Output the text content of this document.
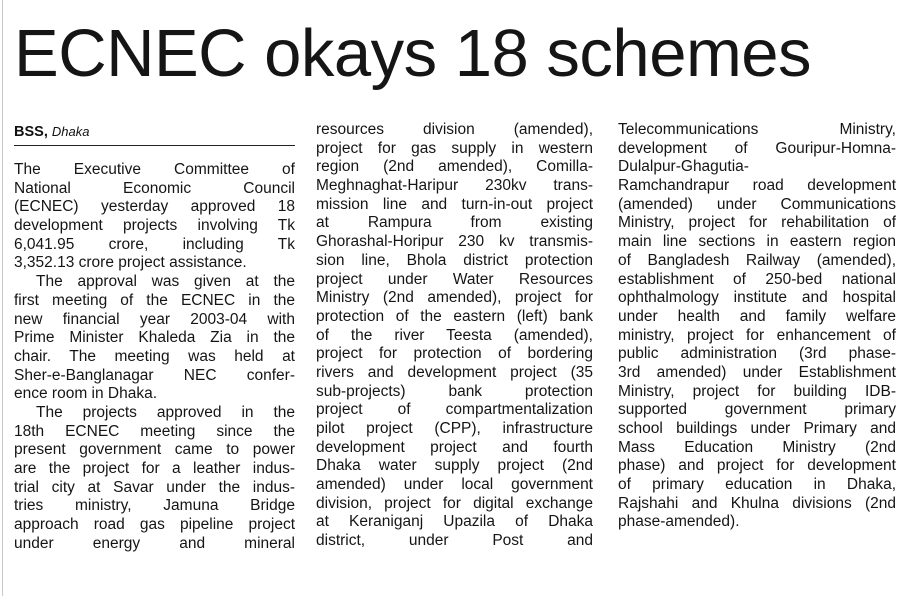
ECNEC okays 18 schemes
BSS, Dhaka
The Executive Committee of
National Economic Council
(ECNEC) yesterday approved 18
development projects involving Tk
6,041.95 crore, including Tk
3,352.13 crore project assistance.
The approval was given at the
first meeting of the ECNEC in the
new financial year 2003-04 with
Prime Minister Khaleda Zia in the
chair. The meeting was held at
Sher-e-Banglanagar NEC confer-
ence room in Dhaka.
The projects approved in the
18th ECNEC meeting since the
present government came to power
are the project for a leather indus-
trial city at Savar under the indus-
tries ministry, Jamuna Bridge
approach road gas pipeline project
under energy and mineral
resources division (amended),
project for gas supply in western
region (2nd amended), Comilla-
Meghnaghat-Haripur 230kv trans-
mission line and turn-in-out project
at Rampura from existing
Ghorashal-Horipur 230 kv transmis-
sion line, Bhola district protection
project under Water Resources
Ministry (2nd amended), project for
protection of the eastern (left) bank
of the river Teesta (amended),
project for protection of bordering
rivers and development project (35
sub-projects) bank protection
project of compartmentalization
pilot project (CPP), infrastructure
development project and fourth
Dhaka water supply project (2nd
amended) under local government
division, project for digital exchange
at Keraniganj Upazila of Dhaka
district, under Post and
Telecommunications Ministry,
development of Gouripur-Homna-
Dulalpur-Ghagutia-
Ramchandrapur road development
(amended) under Communications
Ministry, project for rehabilitation of
main line sections in eastern region
of Bangladesh Railway (amended),
establishment of 250-bed national
ophthalmology institute and hospital
under health and family welfare
ministry, project for enhancement of
public administration (3rd phase-
3rd amended) under Establishment
Ministry, project for building IDB-
supported government primary
school buildings under Primary and
Mass Education Ministry (2nd
phase) and project for development
of primary education in Dhaka,
Rajshahi and Khulna divisions (2nd
phase-amended).
